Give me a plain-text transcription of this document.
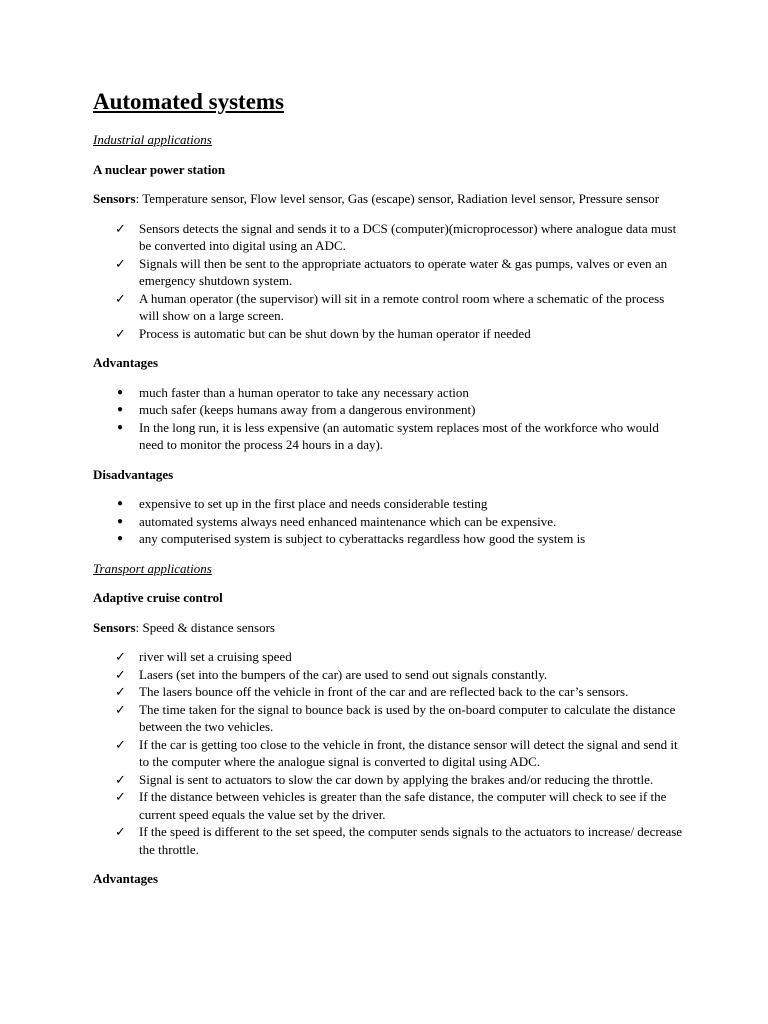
Automated systems

Industrial applications

A nuclear power station

Sensors: Temperature sensor, Flow level sensor, Gas (escape) sensor, Radiation level sensor, Pressure sensor

✓	Sensors detects the signal and sends it to a DCS (computer)(microprocessor) where analogue data must be converted into digital using an ADC.
✓	Signals will then be sent to the appropriate actuators to operate water & gas pumps, valves or even an emergency shutdown system.
✓	A human operator (the supervisor) will sit in a remote control room where a schematic of the process will show on a large screen.
✓	Process is automatic but can be shut down by the human operator if needed

Advantages

●	much faster than a human operator to take any necessary action
●	much safer (keeps humans away from a dangerous environment)
●	In the long run, it is less expensive (an automatic system replaces most of the workforce who would need to monitor the process 24 hours in a day).

Disadvantages

●	expensive to set up in the first place and needs considerable testing
●	automated systems always need enhanced maintenance which can be expensive.
●	any computerised system is subject to cyberattacks regardless how good the system is

Transport applications

Adaptive cruise control

Sensors: Speed & distance sensors

✓	river will set a cruising speed
✓	Lasers (set into the bumpers of the car) are used to send out signals constantly.
✓	The lasers bounce off the vehicle in front of the car and are reflected back to the car’s sensors.
✓	The time taken for the signal to bounce back is used by the on-board computer to calculate the distance between the two vehicles.
✓	If the car is getting too close to the vehicle in front, the distance sensor will detect the signal and send it to the computer where the analogue signal is converted to digital using ADC.
✓	Signal is sent to actuators to slow the car down by applying the brakes and/or reducing the throttle.
✓	If the distance between vehicles is greater than the safe distance, the computer will check to see if the current speed equals the value set by the driver.
✓	If the speed is different to the set speed, the computer sends signals to the actuators to increase/ decrease the throttle.

Advantages
